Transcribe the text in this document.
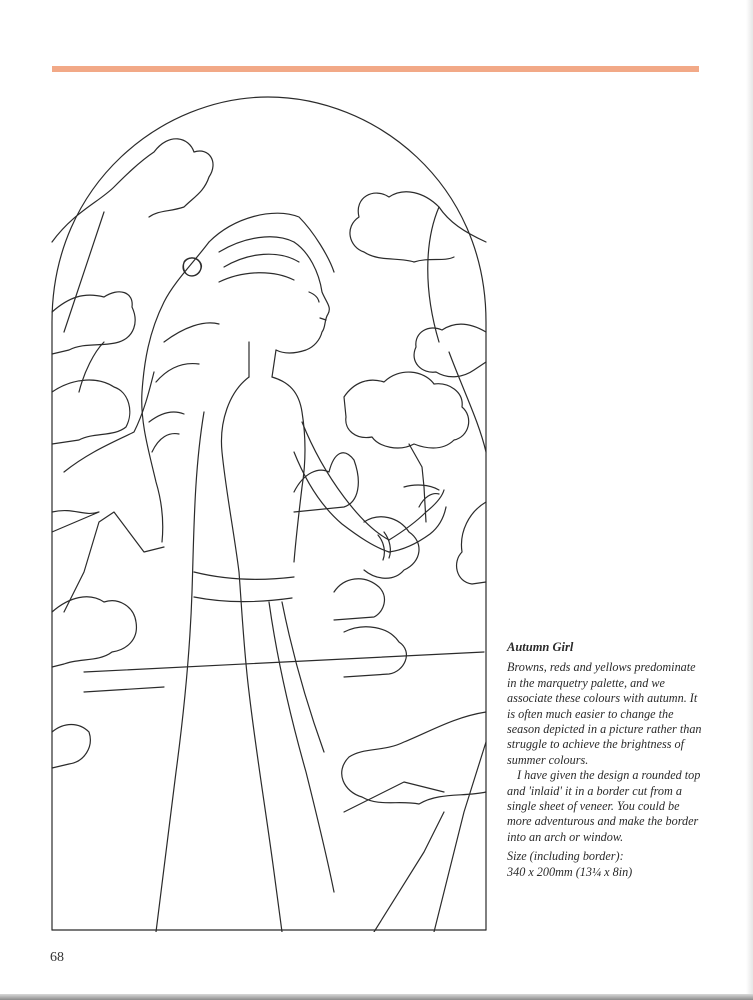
Autumn Girl

Browns, reds and yellows predominate in the marquetry palette, and we associate these colours with autumn. It is often much easier to change the season depicted in a picture rather than struggle to achieve the brightness of summer colours.

I have given the design a rounded top and 'inlaid' it in a border cut from a single sheet of veneer. You could be more adventurous and make the border into an arch or window.

Size (including border):

340 x 200mm (13¼ x 8in)

68
